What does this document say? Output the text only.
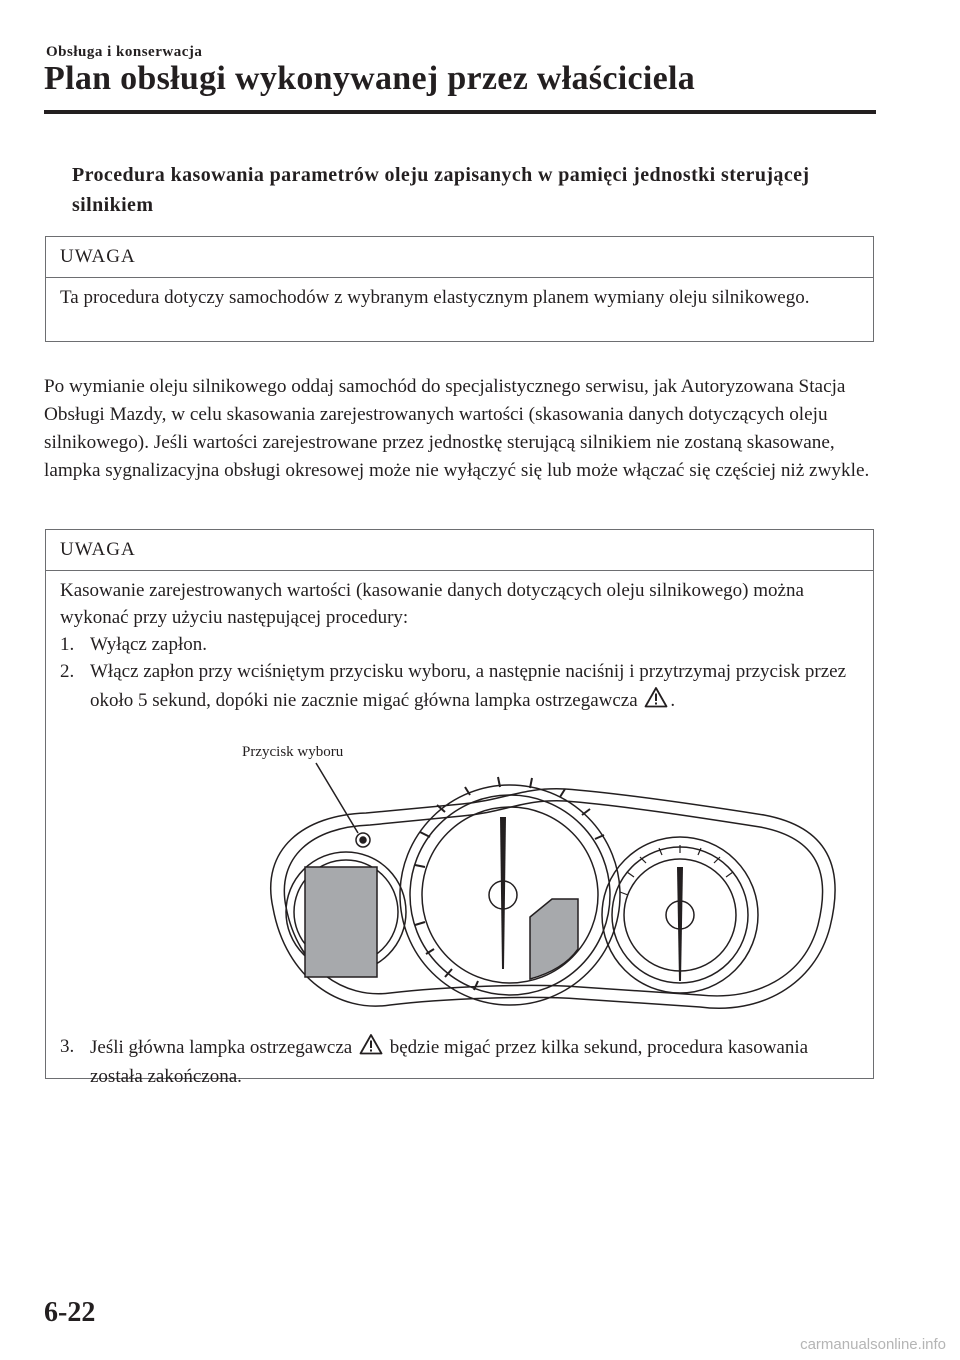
Obsługa i konserwacja
Plan obsługi wykonywanej przez właściciela
Procedura kasowania parametrów oleju zapisanych w pamięci jednostki sterującej silnikiem
UWAGA
Ta procedura dotyczy samochodów z wybranym elastycznym planem wymiany oleju silnikowego.
Po wymianie oleju silnikowego oddaj samochód do specjalistycznego serwisu, jak Autoryzowana Stacja Obsługi Mazdy, w celu skasowania zarejestrowanych wartości (skasowania danych dotyczących oleju silnikowego). Jeśli wartości zarejestrowane przez jednostkę sterującą silnikiem nie zostaną skasowane, lampka sygnalizacyjna obsługi okresowej może nie wyłączyć się lub może włączać się częściej niż zwykle.
UWAGA
Kasowanie zarejestrowanych wartości (kasowanie danych dotyczących oleju silnikowego) można wykonać przy użyciu następującej procedury:
1. Wyłącz zapłon.
2. Włącz zapłon przy wciśniętym przycisku wyboru, a następnie naciśnij i przytrzymaj przycisk przez około 5 sekund, dopóki nie zacznie migać główna lampka ostrzegawcza .
Przycisk wyboru
3. Jeśli główna lampka ostrzegawcza będzie migać przez kilka sekund, procedura kasowania została zakończona.
6-22
carmanualsonline.info
